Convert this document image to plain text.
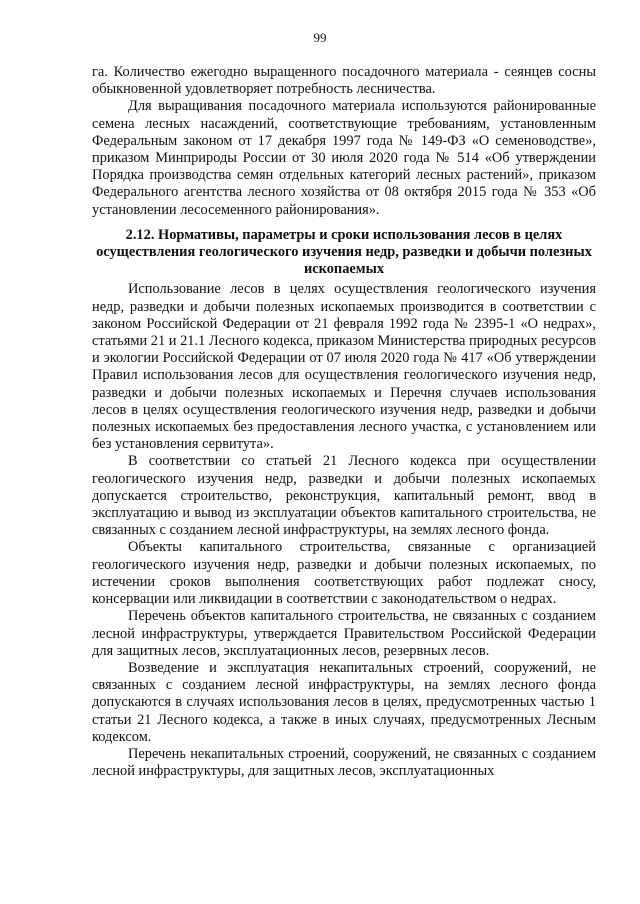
99

га. Количество ежегодно выращенного посадочного материала - сеянцев сосны обыкновенной удовлетворяет потребность лесничества.

Для выращивания посадочного материала используются районированные семена лесных насаждений, соответствующие требованиям, установленным Федеральным законом от 17 декабря 1997 года № 149-ФЗ «О семеноводстве», приказом Минприроды России от 30 июля 2020 года № 514 «Об утверждении Порядка производства семян отдельных категорий лесных растений», приказом Федерального агентства лесного хозяйства от 08 октября 2015 года № 353 «Об установлении лесосеменного районирования».

2.12. Нормативы, параметры и сроки использования лесов в целях осуществления геологического изучения недр, разведки и добычи полезных ископаемых

Использование лесов в целях осуществления геологического изучения недр, разведки и добычи полезных ископаемых производится в соответствии с законом Российской Федерации от 21 февраля 1992 года № 2395-1 «О недрах», статьями 21 и 21.1 Лесного кодекса, приказом Министерства природных ресурсов и экологии Российской Федерации от 07 июля 2020 года № 417 «Об утверждении Правил использования лесов для осуществления геологического изучения недр, разведки и добычи полезных ископаемых и Перечня случаев использования лесов в целях осуществления геологического изучения недр, разведки и добычи полезных ископаемых без предоставления лесного участка, с установлением или без установления сервитута».

В соответствии со статьей 21 Лесного кодекса при осуществлении геологического изучения недр, разведки и добычи полезных ископаемых допускается строительство, реконструкция, капитальный ремонт, ввод в эксплуатацию и вывод из эксплуатации объектов капитального строительства, не связанных с созданием лесной инфраструктуры, на землях лесного фонда.

Объекты капитального строительства, связанные с организацией геологического изучения недр, разведки и добычи полезных ископаемых, по истечении сроков выполнения соответствующих работ подлежат сносу, консервации или ликвидации в соответствии с законодательством о недрах.

Перечень объектов капитального строительства, не связанных с созданием лесной инфраструктуры, утверждается Правительством Российской Федерации для защитных лесов, эксплуатационных лесов, резервных лесов.

Возведение и эксплуатация некапитальных строений, сооружений, не связанных с созданием лесной инфраструктуры, на землях лесного фонда допускаются в случаях использования лесов в целях, предусмотренных частью 1 статьи 21 Лесного кодекса, а также в иных случаях, предусмотренных Лесным кодексом.

Перечень некапитальных строений, сооружений, не связанных с созданием лесной инфраструктуры, для защитных лесов, эксплуатационных
